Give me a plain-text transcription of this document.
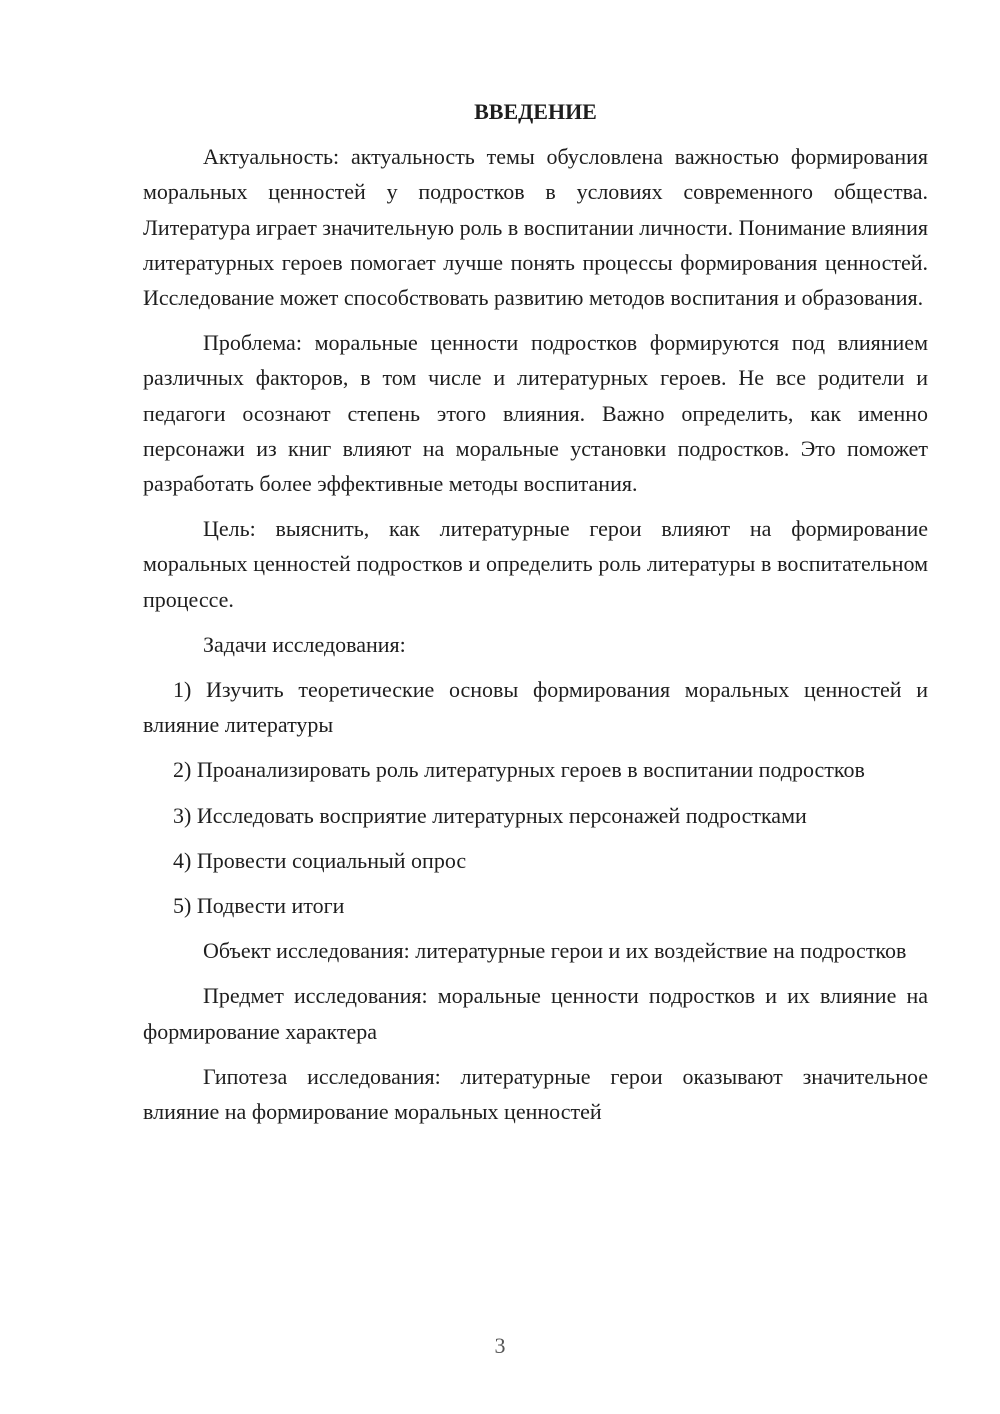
ВВЕДЕНИЕ

Актуальность: актуальность темы обусловлена важностью формирования моральных ценностей у подростков в условиях современного общества. Литература играет значительную роль в воспитании личности. Понимание влияния литературных героев помогает лучше понять процессы формирования ценностей. Исследование может способствовать развитию методов воспитания и образования.

Проблема: моральные ценности подростков формируются под влиянием различных факторов, в том числе и литературных героев. Не все родители и педагоги осознают степень этого влияния. Важно определить, как именно персонажи из книг влияют на моральные установки подростков. Это поможет разработать более эффективные методы воспитания.

Цель: выяснить, как литературные герои влияют на формирование моральных ценностей подростков и определить роль литературы в воспитательном процессе.

Задачи исследования:

1) Изучить теоретические основы формирования моральных ценностей и влияние литературы

2) Проанализировать роль литературных героев в воспитании подростков

3) Исследовать восприятие литературных персонажей подростками

4) Провести социальный опрос

5) Подвести итоги

Объект исследования: литературные герои и их воздействие на подростков

Предмет исследования: моральные ценности подростков и их влияние на формирование характера

Гипотеза исследования: литературные герои оказывают значительное влияние на формирование моральных ценностей

3
